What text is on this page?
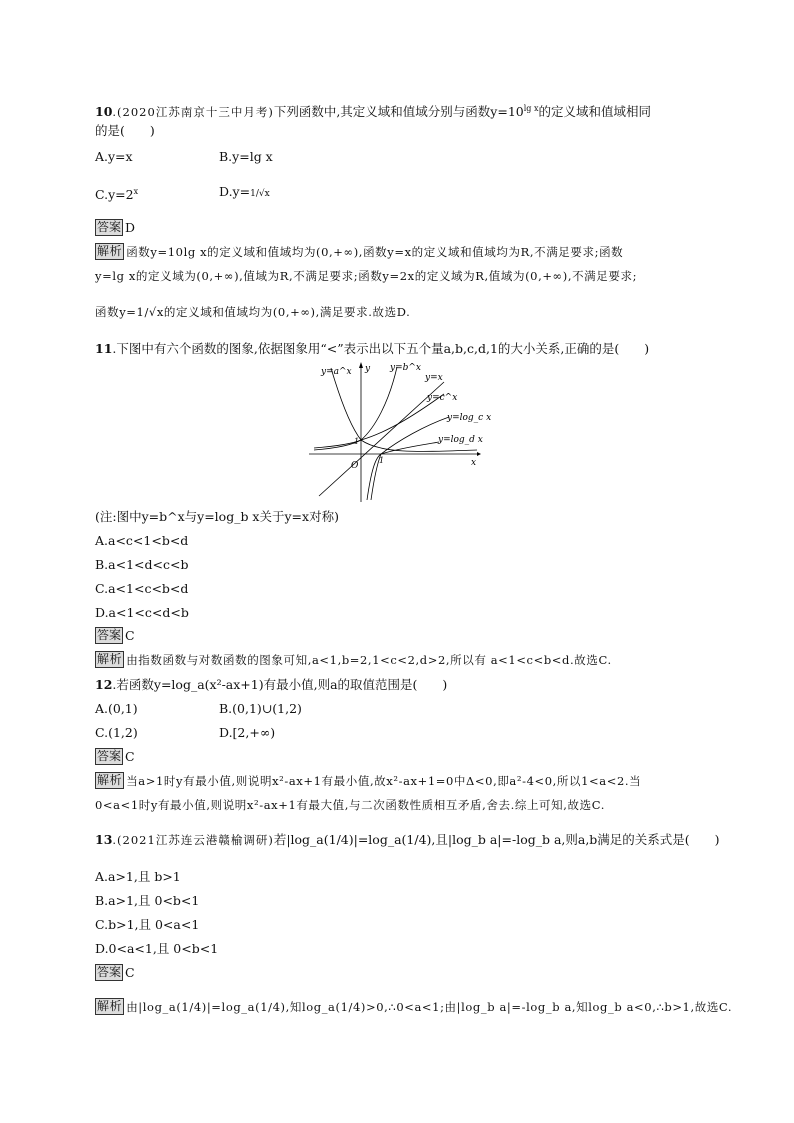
10.(2020江苏南京十三中月考)下列函数中,其定义域和值域分别与函数$y=10^{lg x}$的定义域和值域相同
的是(　　)
A.y=x	B.y=lg x
$C.y=2^x$	D.y=1/√x
答案 D
解析 函数y=10lg x的定义域和值域均为(0,+∞),函数y=x的定义域和值域均为R,不满足要求;函数
y=lg x的定义域为(0,+∞),值域为R,不满足要求;函数y=2x的定义域为R,值域为(0,+∞),不满足要求;
函数y=1/√x的定义域和值域均为(0,+∞),满足要求.故选D.
11.下图中有六个函数的图象,依据图象用“<”表示出以下五个量a,b,c,d,1的大小关系,正确的是(　　)
y=a^x	y=b^x
y=x
y=c^x
y=log_c x
y=log_d x
x
y
O
1
1
(注:图中y=b^x与y=log_b x关于y=x对称)
A.a<c<1<b<d
B.a<1<d<c<b
C.a<1<c<b<d
D.a<1<c<d<b
答案 C
解析 由指数函数与对数函数的图象可知,a<1,b=2,1<c<2,d>2,所以有 a<1<c<b<d.故选C.
12.若函数y=log_a(x²-ax+1)有最小值,则a的取值范围是(　　)
A.(0,1)	B.(0,1)∪(1,2)
C.(1,2)	D.[2,+∞)
答案 C
解析 当a>1时y有最小值,则说明x²-ax+1有最小值,故x²-ax+1=0中Δ<0,即a²-4<0,所以1<a<2.当
0<a<1时y有最小值,则说明x²-ax+1有最大值,与二次函数性质相互矛盾,舍去.综上可知,故选C.
13.(2021江苏连云港赣榆调研)若|log_a(1/4)|=log_a(1/4),且|log_b a|=-log_b a,则a,b满足的关系式是(　　)
A.a>1,且 b>1
B.a>1,且 0<b<1
C.b>1,且 0<a<1
D.0<a<1,且 0<b<1
答案 C
解析 由|log_a(1/4)|=log_a(1/4),知log_a(1/4)>0,∴0<a<1;由|log_b a|=-log_b a,知log_b a<0,∴b>1,故选C.
